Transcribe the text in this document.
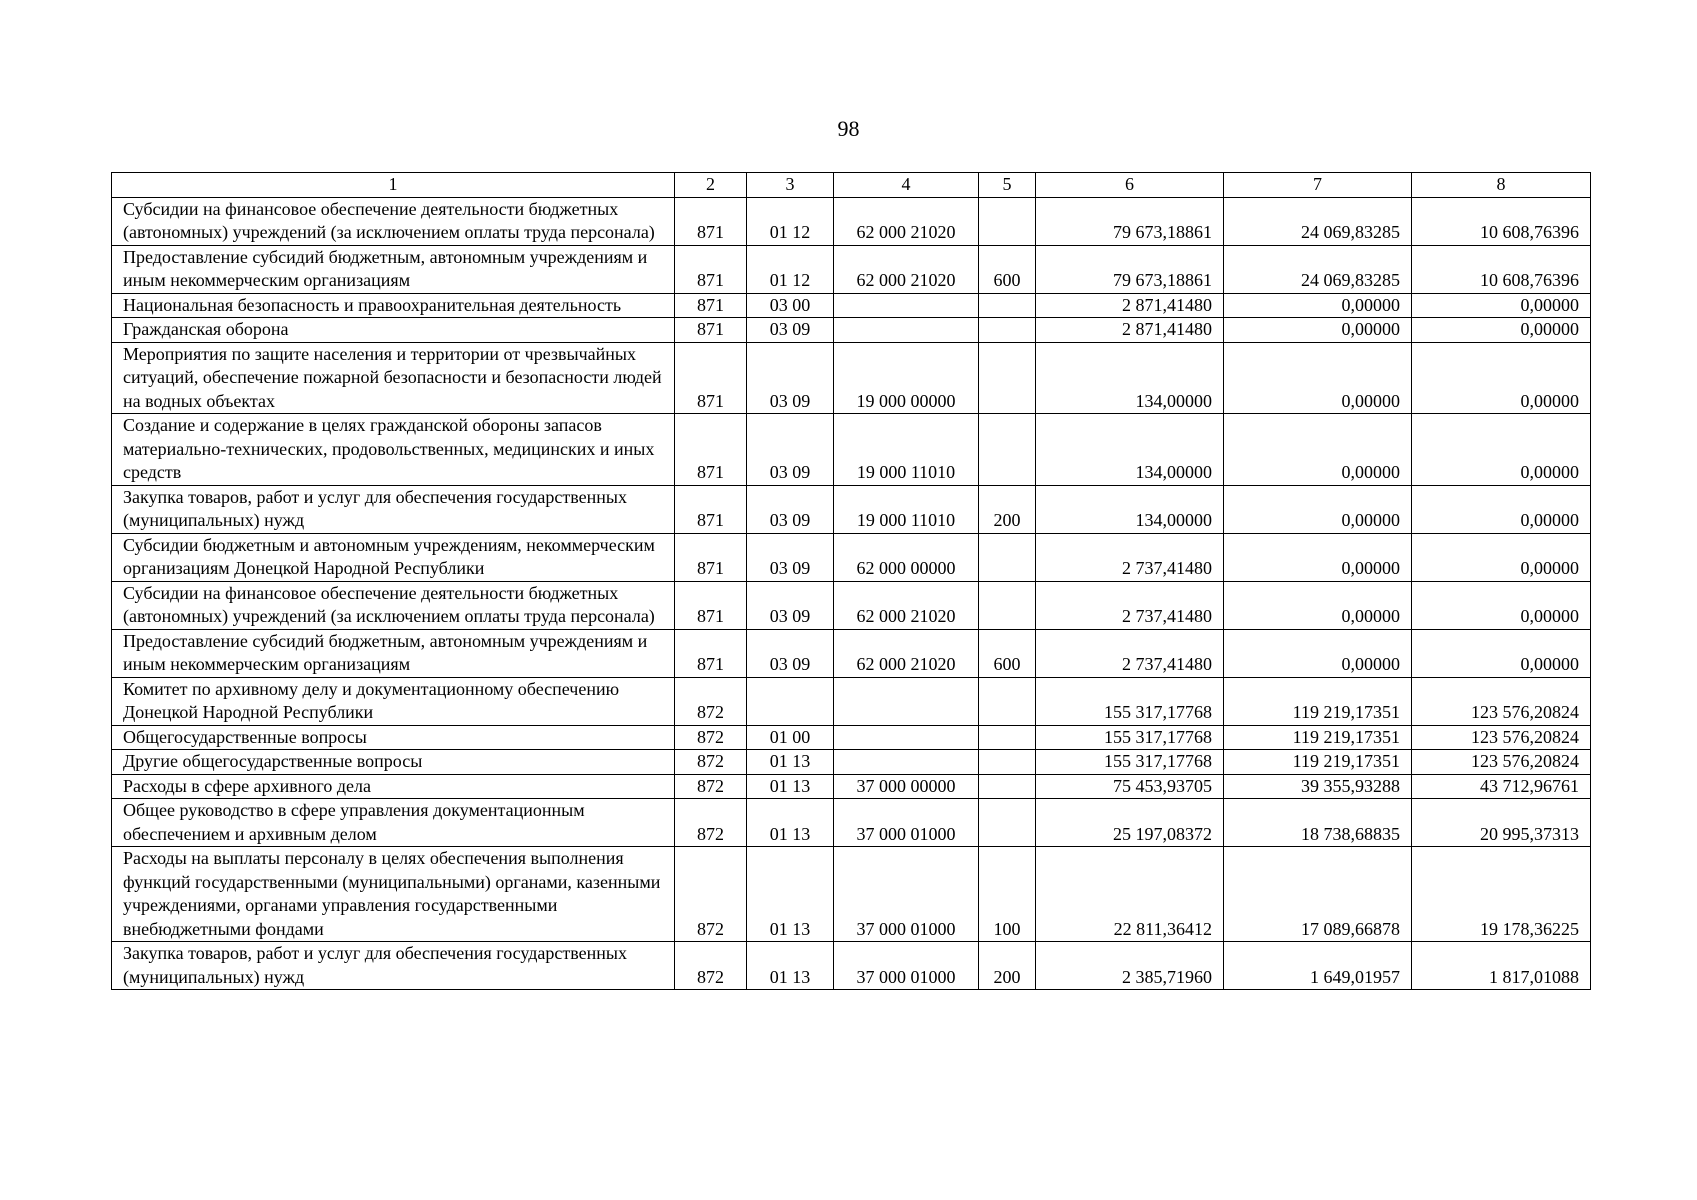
98
1	2	3	4	5	6	7	8
Субсидии на финансовое обеспечение деятельности бюджетных (автономных) учреждений (за исключением оплаты труда персонала)	871	01 12	62 000 21020		79 673,18861	24 069,83285	10 608,76396
Предоставление субсидий бюджетным, автономным учреждениям и иным некоммерческим организациям	871	01 12	62 000 21020	600	79 673,18861	24 069,83285	10 608,76396
Национальная безопасность и правоохранительная деятельность	871	03 00			2 871,41480	0,00000	0,00000
Гражданская оборона	871	03 09			2 871,41480	0,00000	0,00000
Мероприятия по защите населения и территории от чрезвычайных ситуаций, обеспечение пожарной безопасности и безопасности людей на водных объектах	871	03 09	19 000 00000		134,00000	0,00000	0,00000
Создание и содержание в целях гражданской обороны запасов материально-технических, продовольственных, медицинских и иных средств	871	03 09	19 000 11010		134,00000	0,00000	0,00000
Закупка товаров, работ и услуг для обеспечения государственных (муниципальных) нужд	871	03 09	19 000 11010	200	134,00000	0,00000	0,00000
Субсидии бюджетным и автономным учреждениям, некоммерческим организациям Донецкой Народной Республики	871	03 09	62 000 00000		2 737,41480	0,00000	0,00000
Субсидии на финансовое обеспечение деятельности бюджетных (автономных) учреждений (за исключением оплаты труда персонала)	871	03 09	62 000 21020		2 737,41480	0,00000	0,00000
Предоставление субсидий бюджетным, автономным учреждениям и иным некоммерческим организациям	871	03 09	62 000 21020	600	2 737,41480	0,00000	0,00000
Комитет по архивному делу и документационному обеспечению Донецкой Народной Республики	872				155 317,17768	119 219,17351	123 576,20824
Общегосударственные вопросы	872	01 00			155 317,17768	119 219,17351	123 576,20824
Другие общегосударственные вопросы	872	01 13			155 317,17768	119 219,17351	123 576,20824
Расходы в сфере архивного дела	872	01 13	37 000 00000		75 453,93705	39 355,93288	43 712,96761
Общее руководство в сфере управления документационным обеспечением и архивным делом	872	01 13	37 000 01000		25 197,08372	18 738,68835	20 995,37313
Расходы на выплаты персоналу в целях обеспечения выполнения функций государственными (муниципальными) органами, казенными учреждениями, органами управления государственными внебюджетными фондами	872	01 13	37 000 01000	100	22 811,36412	17 089,66878	19 178,36225
Закупка товаров, работ и услуг для обеспечения государственных (муниципальных) нужд	872	01 13	37 000 01000	200	2 385,71960	1 649,01957	1 817,01088
